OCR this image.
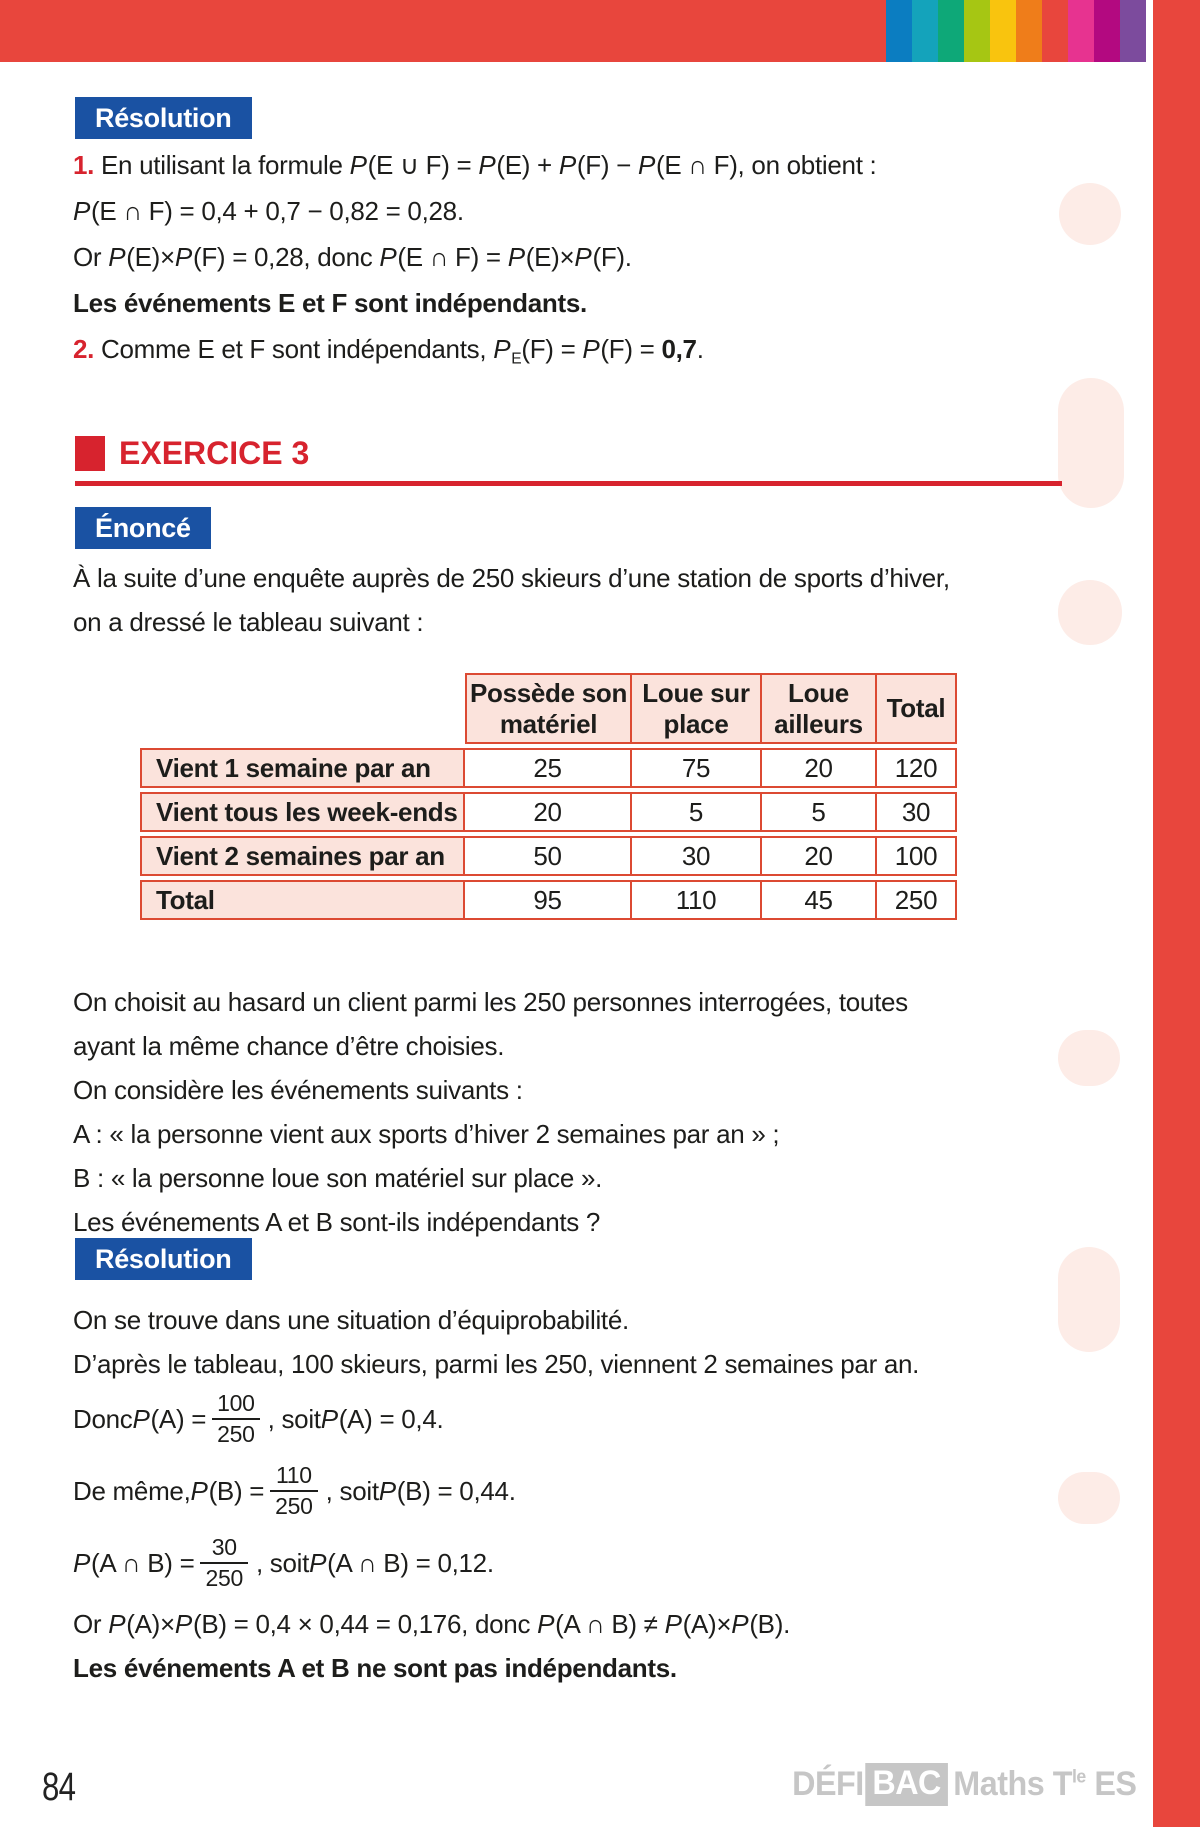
Résolution
1. En utilisant la formule P(E ∪ F) = P(E) + P(F) − P(E ∩ F), on obtient :
P(E ∩ F) = 0,4 + 0,7 − 0,82 = 0,28.
Or P(E)×P(F) = 0,28, donc P(E ∩ F) = P(E)×P(F).
Les événements E et F sont indépendants.
2. Comme E et F sont indépendants, $P_E(F) = P(F) = 0,7$.
EXERCICE 3
Énoncé
À la suite d’une enquête auprès de 250 skieurs d’une station de sports d’hiver,
on a dressé le tableau suivant :
	Possède son matériel	Loue sur place	Loue ailleurs	Total
Vient 1 semaine par an	25	75	20	120
Vient tous les week-ends	20	5	5	30
Vient 2 semaines par an	50	30	20	100
Total	95	110	45	250
On choisit au hasard un client parmi les 250 personnes interrogées, toutes
ayant la même chance d’être choisies.
On considère les événements suivants :
A : « la personne vient aux sports d’hiver 2 semaines par an » ;
B : « la personne loue son matériel sur place ».
Les événements A et B sont-ils indépendants ?
Résolution
On se trouve dans une situation d’équiprobabilité.
D’après le tableau, 100 skieurs, parmi les 250, viennent 2 semaines par an.
Donc P $(A) = \frac{100}{250}$ , soit P (A) = 0,4.
De même, P $(B) = \frac{110}{250}$ , soit P (B) = 0,44.
P (A ∩ $B) = \frac{30}{250}$ , soit P (A ∩ B) = 0,12.
Or P(A)×P(B) = 0,4 × 0,44 = 0,176, donc P(A ∩ B) ≠ P(A)×P(B).
Les événements A et B ne sont pas indépendants.
84	DÉFI BAC Maths $T^{le}$ ES
